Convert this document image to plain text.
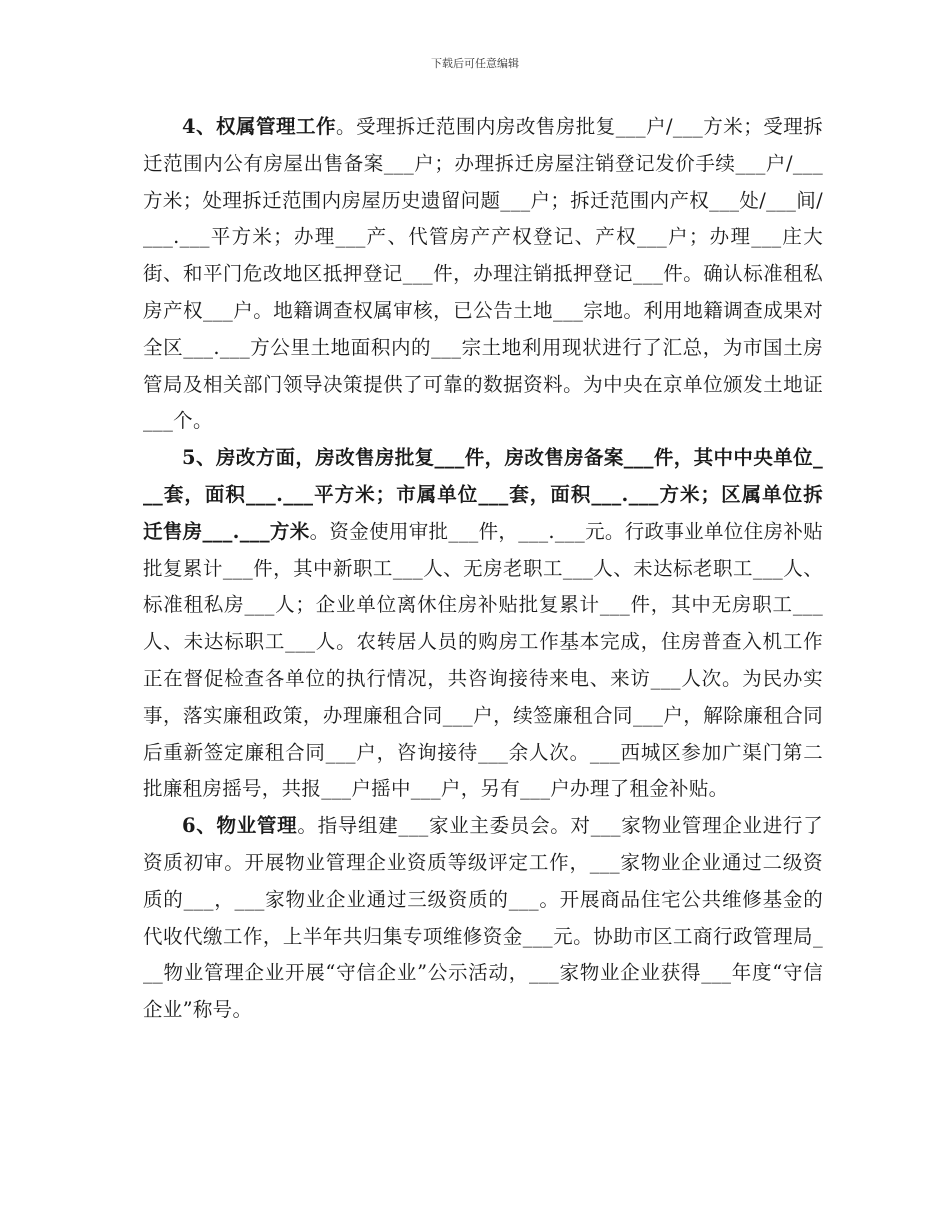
下载后可任意编辑

4、权属管理工作。受理拆迁范围内房改售房批复___户/___方米；受理拆迁范围内公有房屋出售备案___户；办理拆迁房屋注销登记发价手续___户/___方米；处理拆迁范围内房屋历史遗留问题___户；拆迁范围内产权___处/___间/___.___平方米；办理___产、代管房产产权登记、产权___户；办理___庄大街、和平门危改地区抵押登记___件，办理注销抵押登记___件。确认标准租私房产权___户。地籍调查权属审核，已公告土地___宗地。利用地籍调查成果对全区___.___方公里土地面积内的___宗土地利用现状进行了汇总，为市国土房管局及相关部门领导决策提供了可靠的数据资料。为中央在京单位颁发土地证___个。

5、房改方面，房改售房批复___件，房改售房备案___件，其中中央单位___套，面积___.___平方米；市属单位___套，面积___.___方米；区属单位拆迁售房___.___方米。资金使用审批___件，___.___元。行政事业单位住房补贴批复累计___件，其中新职工___人、无房老职工___人、未达标老职工___人、标准租私房___人；企业单位离休住房补贴批复累计___件，其中无房职工___人、未达标职工___人。农转居人员的购房工作基本完成，住房普查入机工作正在督促检查各单位的执行情况，共咨询接待来电、来访___人次。为民办实事，落实廉租政策，办理廉租合同___户，续签廉租合同___户，解除廉租合同后重新签定廉租合同___户，咨询接待___余人次。___西城区参加广渠门第二批廉租房摇号，共报___户摇中___户，另有___户办理了租金补贴。

6、物业管理。指导组建___家业主委员会。对___家物业管理企业进行了资质初审。开展物业管理企业资质等级评定工作，___家物业企业通过二级资质的___，___家物业企业通过三级资质的___。开展商品住宅公共维修基金的代收代缴工作，上半年共归集专项维修资金___元。协助市区工商行政管理局___物业管理企业开展“守信企业”公示活动，___家物业企业获得___年度“守信企业”称号。
